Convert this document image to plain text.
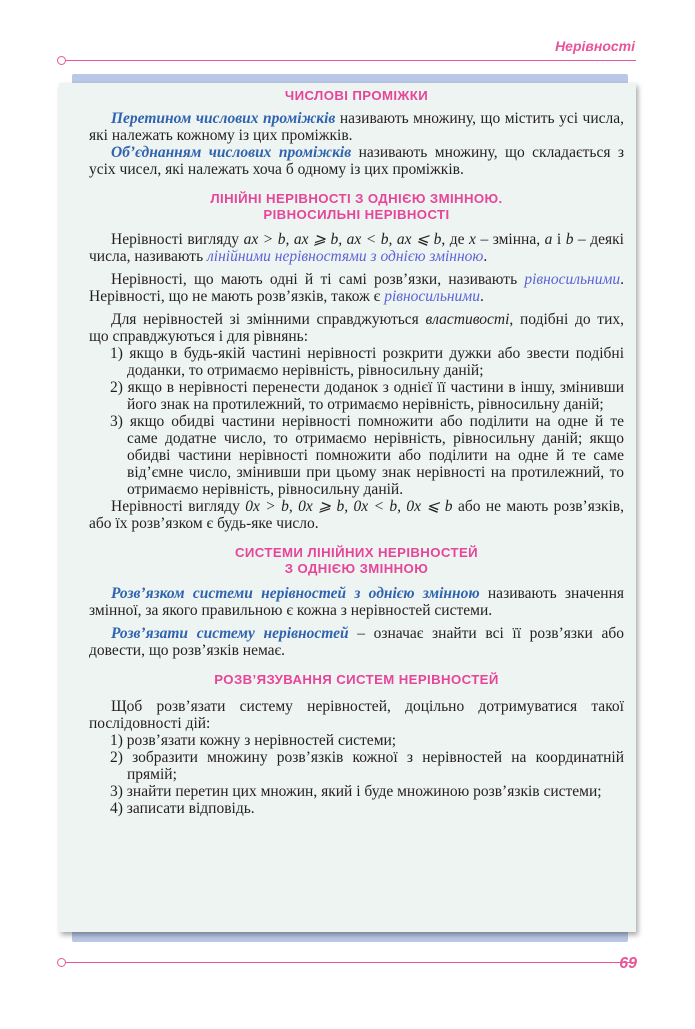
Нерівності
ЧИСЛОВІ ПРОМІЖКИ

Перетином числових проміжків називають множину, що містить усі числа, які належать кожному із цих проміжків.

Об’єднанням числових проміжків називають множину, що складається з усіх чисел, які належать хоча б одному із цих проміжків.

ЛІНІЙНІ НЕРІВНОСТІ З ОДНІЄЮ ЗМІННОЮ.
РІВНОСИЛЬНІ НЕРІВНОСТІ

Нерівності вигляду ax > b, ax ⩾ b, ax < b, ax ⩽ b, де x – змінна, a і b – деякі числа, називають лінійними нерівностями з однією змінною.

Нерівності, що мають одні й ті самі розв’язки, називають рівносильними. Нерівності, що не мають розв’язків, також є рівносильними.

Для нерівностей зі змінними справджуються властивості, подібні до тих, що справджуються і для рівнянь:

1) якщо в будь-якій частині нерівності розкрити дужки або звести подібні доданки, то отримаємо нерівність, рівносильну даній;
2) якщо в нерівності перенести доданок з однієї її частини в іншу, змінивши його знак на протилежний, то отримаємо нерівність, рівносильну даній;
3) якщо обидві частини нерівності помножити або поділити на одне й те саме додатне число, то отримаємо нерівність, рівносильну даній; якщо обидві частини нерівності помножити або поділити на одне й те саме від’ємне число, змінивши при цьому знак нерівності на протилежний, то отримаємо нерівність, рівносильну даній.

Нерівності вигляду 0x > b, 0x ⩾ b, 0x < b, 0x ⩽ b або не мають розв’язків, або їх розв’язком є будь-яке число.

СИСТЕМИ ЛІНІЙНИХ НЕРІВНОСТЕЙ
З ОДНІЄЮ ЗМІННОЮ

Розв’язком системи нерівностей з однією змінною називають значення змінної, за якого правильною є кожна з нерівностей системи.

Розв’язати систему нерівностей – означає знайти всі її розв’язки або довести, що розв’язків немає.

РОЗВ’ЯЗУВАННЯ СИСТЕМ НЕРІВНОСТЕЙ

Щоб розв’язати систему нерівностей, доцільно дотримуватися такої послідовності дій:

1) розв’язати кожну з нерівностей системи;
2) зобразити множину розв’язків кожної з нерівностей на координатній прямій;
3) знайти перетин цих множин, який і буде множиною розв’язків системи;
4) записати відповідь.
69
